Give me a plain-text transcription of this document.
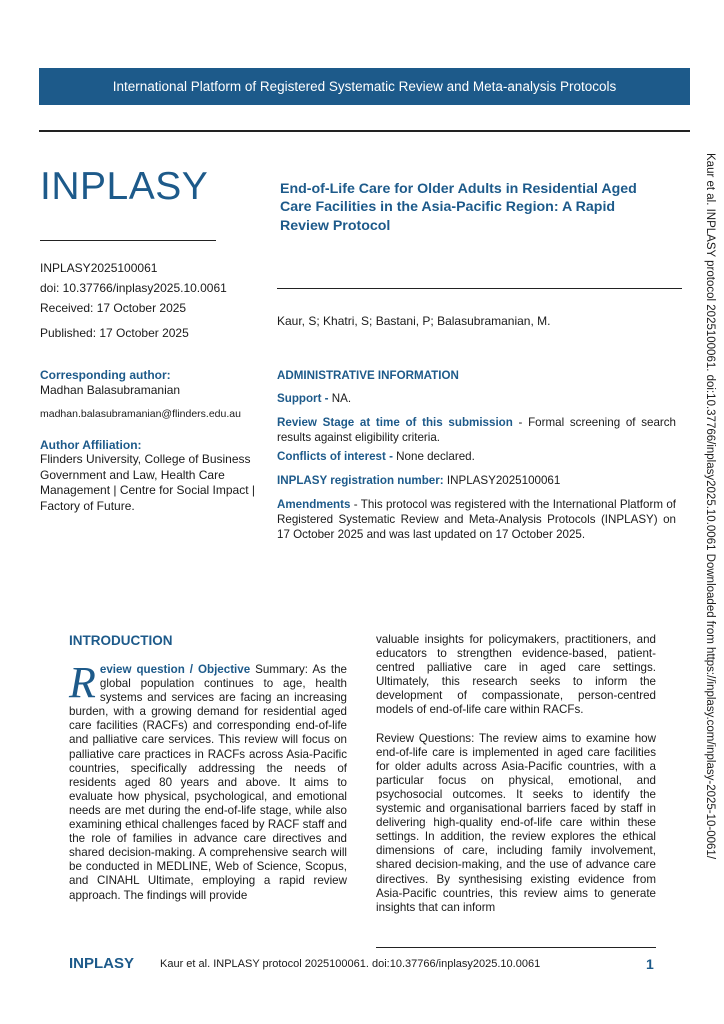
International Platform of Registered Systematic Review and Meta-analysis Protocols
INPLASY	End-of-Life Care for Older Adults in Residential Aged Care Facilities in the Asia-Pacific Region: A Rapid Review Protocol
INPLASY2025100061
doi: 10.37766/inplasy2025.10.0061
Received: 17 October 2025
Published: 17 October 2025
Kaur, S; Khatri, S; Bastani, P; Balasubramanian, M.
Corresponding author:
Madhan Balasubramanian
madhan.balasubramanian@flinders.edu.au
Author Affiliation:
Flinders University, College of Business Government and Law, Health Care Management | Centre for Social Impact | Factory of Future.
ADMINISTRATIVE INFORMATION
Support - NA.
Review Stage at time of this submission - Formal screening of search results against eligibility criteria.
Conflicts of interest - None declared.
INPLASY registration number: INPLASY2025100061
Amendments - This protocol was registered with the International Platform of Registered Systematic Review and Meta-Analysis Protocols (INPLASY) on 17 October 2025 and was last updated on 17 October 2025.
INTRODUCTION
Review question / Objective Summary: As the global population continues to age, health systems and services are facing an increasing burden, with a growing demand for residential aged care facilities (RACFs) and corresponding end-of-life and palliative care services. This review will focus on palliative care practices in RACFs across Asia-Pacific countries, specifically addressing the needs of residents aged 80 years and above. It aims to evaluate how physical, psychological, and emotional needs are met during the end-of-life stage, while also examining ethical challenges faced by RACF staff and the role of families in advance care directives and shared decision-making. A comprehensive search will be conducted in MEDLINE, Web of Science, Scopus, and CINAHL Ultimate, employing a rapid review approach. The findings will provide
valuable insights for policymakers, practitioners, and educators to strengthen evidence-based, patient-centred palliative care in aged care settings. Ultimately, this research seeks to inform the development of compassionate, person-centred models of end-of-life care within RACFs.
Review Questions: The review aims to examine how end-of-life care is implemented in aged care facilities for older adults across Asia-Pacific countries, with a particular focus on physical, emotional, and psychosocial outcomes. It seeks to identify the systemic and organisational barriers faced by staff in delivering high-quality end-of-life care within these settings. In addition, the review explores the ethical dimensions of care, including family involvement, shared decision-making, and the use of advance care directives. By synthesising existing evidence from Asia-Pacific countries, this review aims to generate insights that can inform
INPLASY Kaur et al. INPLASY protocol 2025100061. doi:10.37766/inplasy2025.10.0061	1
Kaur et al. INPLASY protocol 2025100061. doi:10.37766/inplasy2025.10.0061 Downloaded from https://inplasy.com/inplasy-2025-10-0061/
